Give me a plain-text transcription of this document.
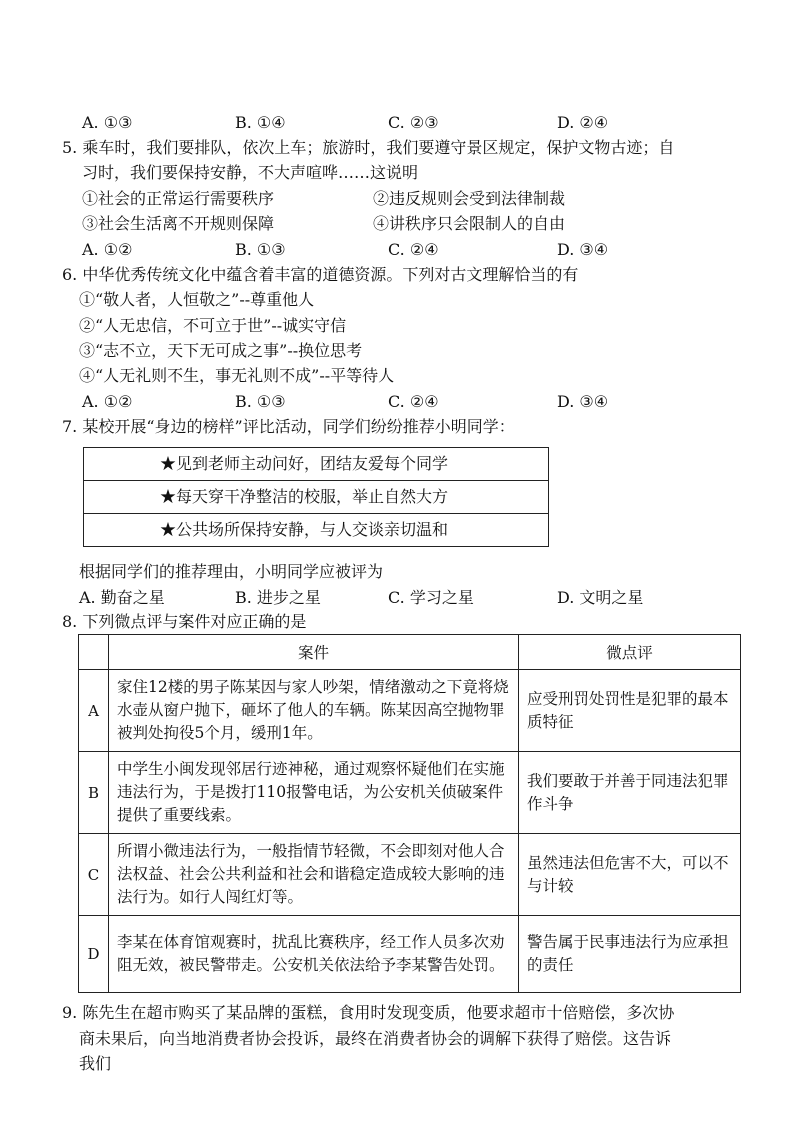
A. ①③	B. ①④	C. ②③	D. ②④
5. 乘车时，我们要排队，依次上车；旅游时，我们要遵守景区规定，保护文物古迹；自
习时，我们要保持安静，不大声喧哗……这说明
①社会的正常运行需要秩序	②违反规则会受到法律制裁
③社会生活离不开规则保障	④讲秩序只会限制人的自由
A. ①②	B. ①③	C. ②④	D. ③④
6. 中华优秀传统文化中蕴含着丰富的道德资源。下列对古文理解恰当的有
①“敬人者，人恒敬之”--尊重他人
②“人无忠信，不可立于世”--诚实守信
③“志不立，天下无可成之事”--换位思考
④“人无礼则不生，事无礼则不成”--平等待人
A. ①②	B. ①③	C. ②④	D. ③④
7. 某校开展“身边的榜样”评比活动，同学们纷纷推荐小明同学：
★见到老师主动问好，团结友爱每个同学
★每天穿干净整洁的校服，举止自然大方
★公共场所保持安静，与人交谈亲切温和
根据同学们的推荐理由，小明同学应被评为
A. 勤奋之星	B. 进步之星	C. 学习之星	D. 文明之星
8. 下列微点评与案件对应正确的是
	案件	微点评
A	家住12楼的男子陈某因与家人吵架，情绪激动之下竟将烧水壶从窗户抛下，砸坏了他人的车辆。陈某因高空抛物罪被判处拘役5个月，缓刑1年。	应受刑罚处罚性是犯罪的最本质特征
B	中学生小闽发现邻居行迹神秘，通过观察怀疑他们在实施违法行为，于是拨打110报警电话，为公安机关侦破案件提供了重要线索。	我们要敢于并善于同违法犯罪作斗争
C	所谓小微违法行为，一般指情节轻微，不会即刻对他人合法权益、社会公共利益和社会和谐稳定造成较大影响的违法行为。如行人闯红灯等。	虽然违法但危害不大，可以不与计较
D	李某在体育馆观赛时，扰乱比赛秩序，经工作人员多次劝阻无效，被民警带走。公安机关依法给予李某警告处罚。	警告属于民事违法行为应承担的责任
9. 陈先生在超市购买了某品牌的蛋糕，食用时发现变质，他要求超市十倍赔偿，多次协
商未果后，向当地消费者协会投诉，最终在消费者协会的调解下获得了赔偿。这告诉
我们
